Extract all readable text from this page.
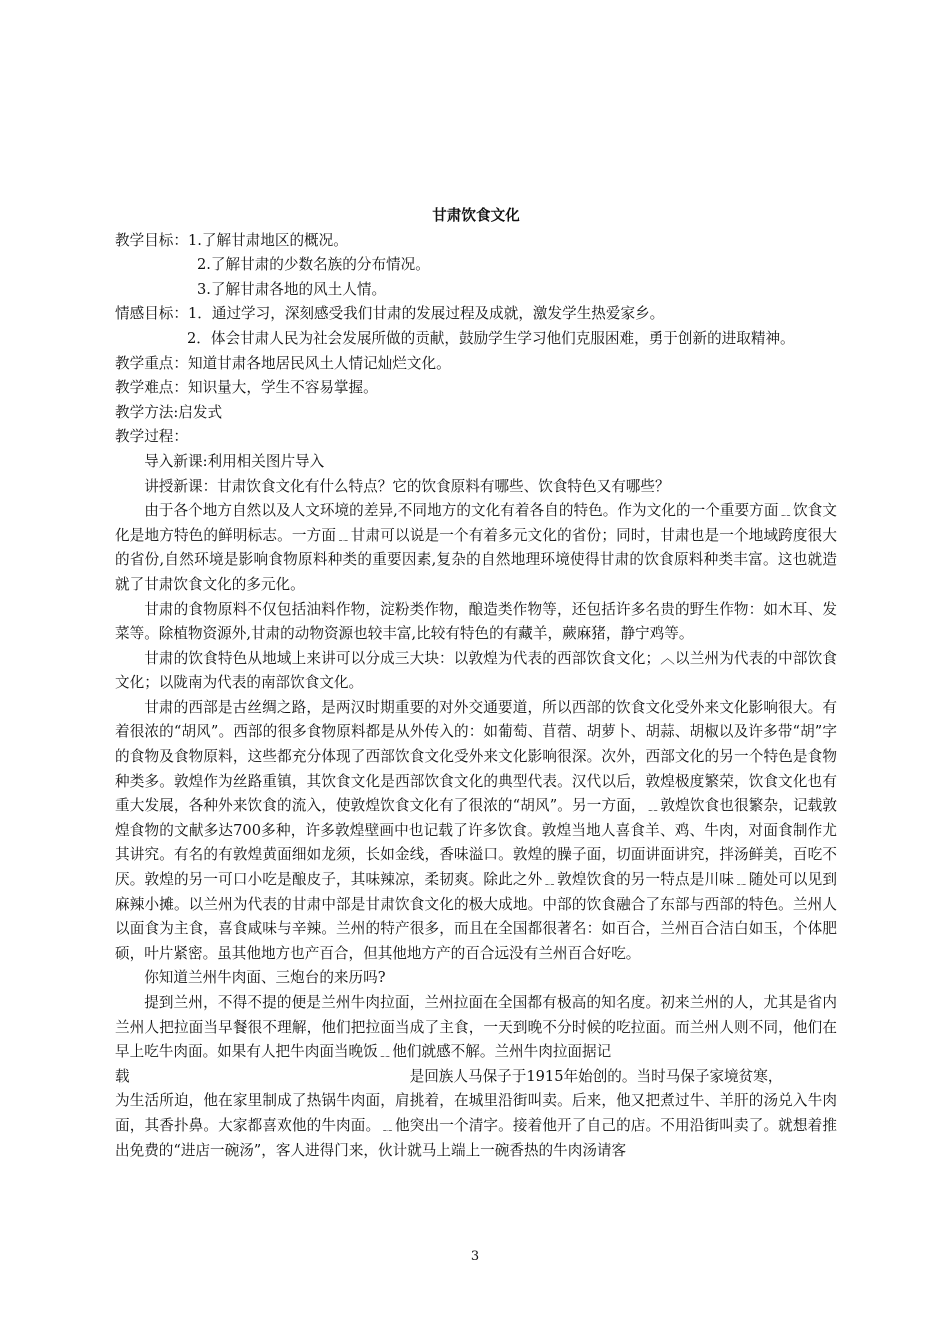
甘肃饮食文化

教学目标：1.了解甘肃地区的概况。

2.了解甘肃的少数名族的分布情况。

3.了解甘肃各地的风土人情。

情感目标：1．通过学习，深刻感受我们甘肃的发展过程及成就，激发学生热爱家乡。

2．体会甘肃人民为社会发展所做的贡献，鼓励学生学习他们克服困难，勇于创新的进取精神。

教学重点：知道甘肃各地居民风土人情记灿烂文化。

教学难点：知识量大，学生不容易掌握。

教学方法:启发式

教学过程：

导入新课:利用相关图片导入

讲授新课：甘肃饮食文化有什么特点？它的饮食原料有哪些、饮食特色又有哪些？

由于各个地方自然以及人文环境的差异,不同地方的文化有着各自的特色。作为文化的一个重要方面﹎饮食文化是地方特色的鲜明标志。一方面﹎甘肃可以说是一个有着多元文化的省份；同时，甘肃也是一个地域跨度很大的省份,自然环境是影响食物原料种类的重要因素,复杂的自然地理环境使得甘肃的饮食原料种类丰富。这也就造就了甘肃饮食文化的多元化。

甘肃的食物原料不仅包括油料作物，淀粉类作物，酿造类作物等，还包括许多名贵的野生作物：如木耳、发菜等。除植物资源外,甘肃的动物资源也较丰富,比较有特色的有藏羊，蕨麻猪，静宁鸡等。

甘肃的饮食特色从地域上来讲可以分成三大块：以敦煌为代表的西部饮食文化；︿以兰州为代表的中部饮食文化；以陇南为代表的南部饮食文化。

甘肃的西部是古丝绸之路，是两汉时期重要的对外交通要道，所以西部的饮食文化受外来文化影响很大。有着很浓的“胡风”。西部的很多食物原料都是从外传入的：如葡萄、苜蓿、胡萝卜、胡蒜、胡椒以及许多带“胡”字的食物及食物原料，这些都充分体现了西部饮食文化受外来文化影响很深。次外，西部文化的另一个特色是食物种类多。敦煌作为丝路重镇，其饮食文化是西部饮食文化的典型代表。汉代以后，敦煌极度繁荣，饮食文化也有重大发展，各种外来饮食的流入，使敦煌饮食文化有了很浓的“胡风”。另一方面，﹎敦煌饮食也很繁杂，记载敦煌食物的文献多达700多种，许多敦煌壁画中也记载了许多饮食。敦煌当地人喜食羊、鸡、牛肉，对面食制作尤其讲究。有名的有敦煌黄面细如龙须，长如金线，香味溢口。敦煌的臊子面，切面讲面讲究，拌汤鲜美，百吃不厌。敦煌的另一可口小吃是酿皮子，其味辣凉，柔韧爽。除此之外﹎敦煌饮食的另一特点是川味﹎随处可以见到麻辣小摊。以兰州为代表的甘肃中部是甘肃饮食文化的极大成地。中部的饮食融合了东部与西部的特色。兰州人以面食为主食，喜食咸味与辛辣。兰州的特产很多，而且在全国都很著名：如百合，兰州百合洁白如玉，个体肥硕，叶片紧密。虽其他地方也产百合，但其他地方产的百合远没有兰州百合好吃。

你知道兰州牛肉面、三炮台的来历吗?

提到兰州，不得不提的便是兰州牛肉拉面，兰州拉面在全国都有极高的知名度。初来兰州的人，尤其是省内兰州人把拉面当早餐很不理解，他们把拉面当成了主食，一天到晚不分时候的吃拉面。而兰州人则不同，他们在早上吃牛肉面。如果有人把牛肉面当晚饭﹎他们就感不解。兰州牛肉拉面据记

载	是回族人马保子于1915年始创的。当时马保子家境贫寒，

为生活所迫，他在家里制成了热锅牛肉面，肩挑着，在城里沿街叫卖。后来，他又把煮过牛、羊肝的汤兑入牛肉面，其香扑鼻。大家都喜欢他的牛肉面。﹎他突出一个清字。接着他开了自己的店。不用沿街叫卖了。就想着推出免费的“进店一碗汤”，客人进得门来，伙计就马上端上一碗香热的牛肉汤请客

3
